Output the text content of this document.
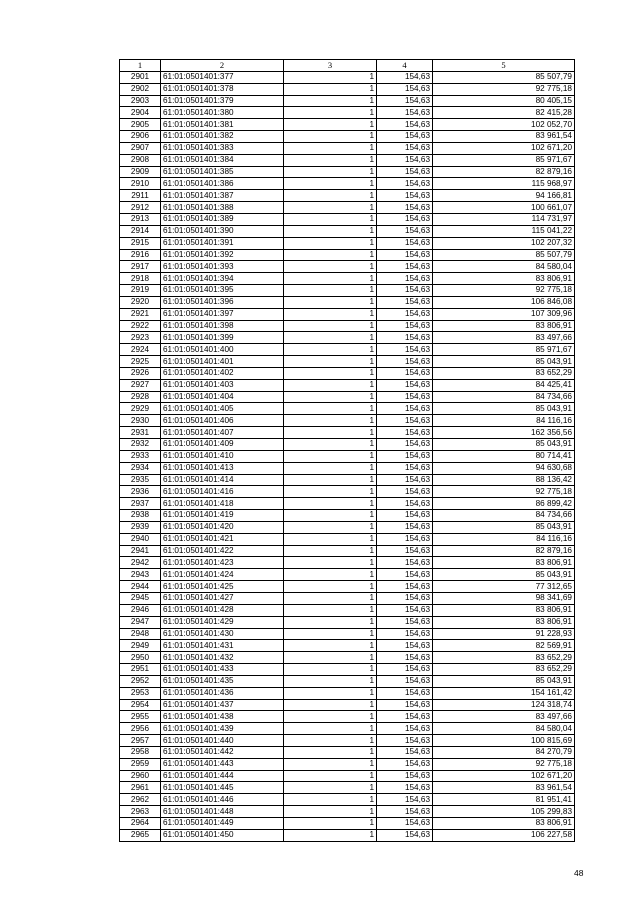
1	2	3	4	5
2901	61:01:0501401:377	1	154,63	85 507,79
2902	61:01:0501401:378	1	154,63	92 775,18
2903	61:01:0501401:379	1	154,63	80 405,15
2904	61:01:0501401:380	1	154,63	82 415,28
2905	61:01:0501401:381	1	154,63	102 052,70
2906	61:01:0501401:382	1	154,63	83 961,54
2907	61:01:0501401:383	1	154,63	102 671,20
2908	61:01:0501401:384	1	154,63	85 971,67
2909	61:01:0501401:385	1	154,63	82 879,16
2910	61:01:0501401:386	1	154,63	115 968,97
2911	61:01:0501401:387	1	154,63	94 166,81
2912	61:01:0501401:388	1	154,63	100 661,07
2913	61:01:0501401:389	1	154,63	114 731,97
2914	61:01:0501401:390	1	154,63	115 041,22
2915	61:01:0501401:391	1	154,63	102 207,32
2916	61:01:0501401:392	1	154,63	85 507,79
2917	61:01:0501401:393	1	154,63	84 580,04
2918	61:01:0501401:394	1	154,63	83 806,91
2919	61:01:0501401:395	1	154,63	92 775,18
2920	61:01:0501401:396	1	154,63	106 846,08
2921	61:01:0501401:397	1	154,63	107 309,96
2922	61:01:0501401:398	1	154,63	83 806,91
2923	61:01:0501401:399	1	154,63	83 497,66
2924	61:01:0501401:400	1	154,63	85 971,67
2925	61:01:0501401:401	1	154,63	85 043,91
2926	61:01:0501401:402	1	154,63	83 652,29
2927	61:01:0501401:403	1	154,63	84 425,41
2928	61:01:0501401:404	1	154,63	84 734,66
2929	61:01:0501401:405	1	154,63	85 043,91
2930	61:01:0501401:406	1	154,63	84 116,16
2931	61:01:0501401:407	1	154,63	162 356,56
2932	61:01:0501401:409	1	154,63	85 043,91
2933	61:01:0501401:410	1	154,63	80 714,41
2934	61:01:0501401:413	1	154,63	94 630,68
2935	61:01:0501401:414	1	154,63	88 136,42
2936	61:01:0501401:416	1	154,63	92 775,18
2937	61:01:0501401:418	1	154,63	86 899,42
2938	61:01:0501401:419	1	154,63	84 734,66
2939	61:01:0501401:420	1	154,63	85 043,91
2940	61:01:0501401:421	1	154,63	84 116,16
2941	61:01:0501401:422	1	154,63	82 879,16
2942	61:01:0501401:423	1	154,63	83 806,91
2943	61:01:0501401:424	1	154,63	85 043,91
2944	61:01:0501401:425	1	154,63	77 312,65
2945	61:01:0501401:427	1	154,63	98 341,69
2946	61:01:0501401:428	1	154,63	83 806,91
2947	61:01:0501401:429	1	154,63	83 806,91
2948	61:01:0501401:430	1	154,63	91 228,93
2949	61:01:0501401:431	1	154,63	82 569,91
2950	61:01:0501401:432	1	154,63	83 652,29
2951	61:01:0501401:433	1	154,63	83 652,29
2952	61:01:0501401:435	1	154,63	85 043,91
2953	61:01:0501401:436	1	154,63	154 161,42
2954	61:01:0501401:437	1	154,63	124 318,74
2955	61:01:0501401:438	1	154,63	83 497,66
2956	61:01:0501401:439	1	154,63	84 580,04
2957	61:01:0501401:440	1	154,63	100 815,69
2958	61:01:0501401:442	1	154,63	84 270,79
2959	61:01:0501401:443	1	154,63	92 775,18
2960	61:01:0501401:444	1	154,63	102 671,20
2961	61:01:0501401:445	1	154,63	83 961,54
2962	61:01:0501401:446	1	154,63	81 951,41
2963	61:01:0501401:448	1	154,63	105 299,83
2964	61:01:0501401:449	1	154,63	83 806,91
2965	61:01:0501401:450	1	154,63	106 227,58
48
